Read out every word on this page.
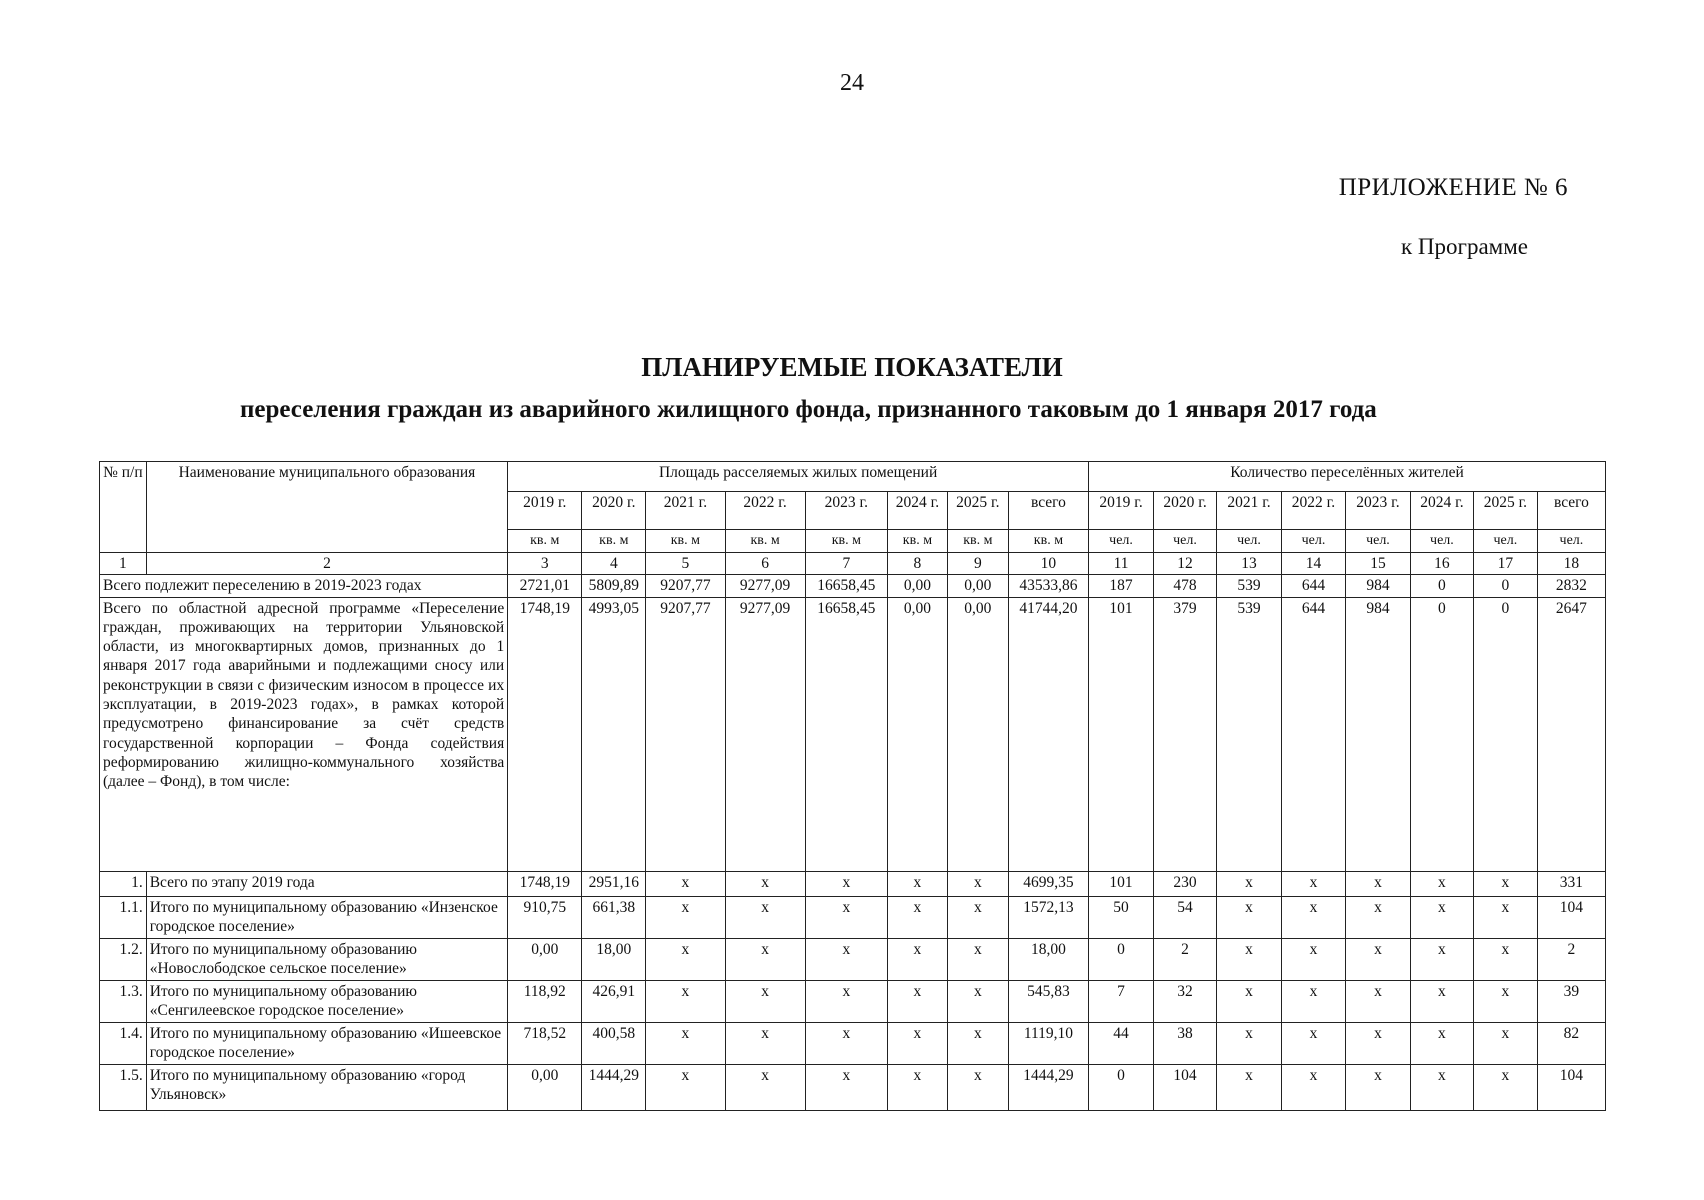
24
ПРИЛОЖЕНИЕ № 6
к Программе
ПЛАНИРУЕМЫЕ ПОКАЗАТЕЛИ
переселения граждан из аварийного жилищного фонда, признанного таковым до 1 января 2017 года
№ п/п	Наименование муниципального образования	Площадь расселяемых жилых помещений								Количество переселённых жителей							
		2019 г.	2020 г.	2021 г.	2022 г.	2023 г.	2024 г.	2025 г.	всего	2019 г.	2020 г.	2021 г.	2022 г.	2023 г.	2024 г.	2025 г.	всего
		кв. м	кв. м	кв. м	кв. м	кв. м	кв. м	кв. м	кв. м	чел.	чел.	чел.	чел.	чел.	чел.	чел.	чел.
1	2	3	4	5	6	7	8	9	10	11	12	13	14	15	16	17	18
Всего подлежит переселению в 2019-2023 годах		2721,01	5809,89	9207,77	9277,09	16658,45	0,00	0,00	43533,86	187	478	539	644	984	0	0	2832
Всего по областной адресной программе «Переселение граждан, проживающих на территории Ульяновской области, из многоквартирных домов, признанных до 1 января 2017 года аварийными и подлежащими сносу или реконструкции в связи с физическим износом в процессе их эксплуатации, в 2019-2023 годах», в рамках которой предусмотрено финансирование за счёт средств государственной корпорации – Фонда содействия реформированию жилищно-коммунального хозяйства (далее – Фонд), в том числе:		1748,19	4993,05	9207,77	9277,09	16658,45	0,00	0,00	41744,20	101	379	539	644	984	0	0	2647
1.	Всего по этапу 2019 года	1748,19	2951,16	x	x	x	x	x	4699,35	101	230	x	x	x	x	x	331
1.1.	Итого по муниципальному образованию «Инзенское городское поселение»	910,75	661,38	x	x	x	x	x	1572,13	50	54	x	x	x	x	x	104
1.2.	Итого по муниципальному образованию «Новослободское сельское поселение»	0,00	18,00	x	x	x	x	x	18,00	0	2	x	x	x	x	x	2
1.3.	Итого по муниципальному образованию «Сенгилеевское городское поселение»	118,92	426,91	x	x	x	x	x	545,83	7	32	x	x	x	x	x	39
1.4.	Итого по муниципальному образованию «Ишеевское городское поселение»	718,52	400,58	x	x	x	x	x	1119,10	44	38	x	x	x	x	x	82
1.5.	Итого по муниципальному образованию «город Ульяновск»	0,00	1444,29	x	x	x	x	x	1444,29	0	104	x	x	x	x	x	104
